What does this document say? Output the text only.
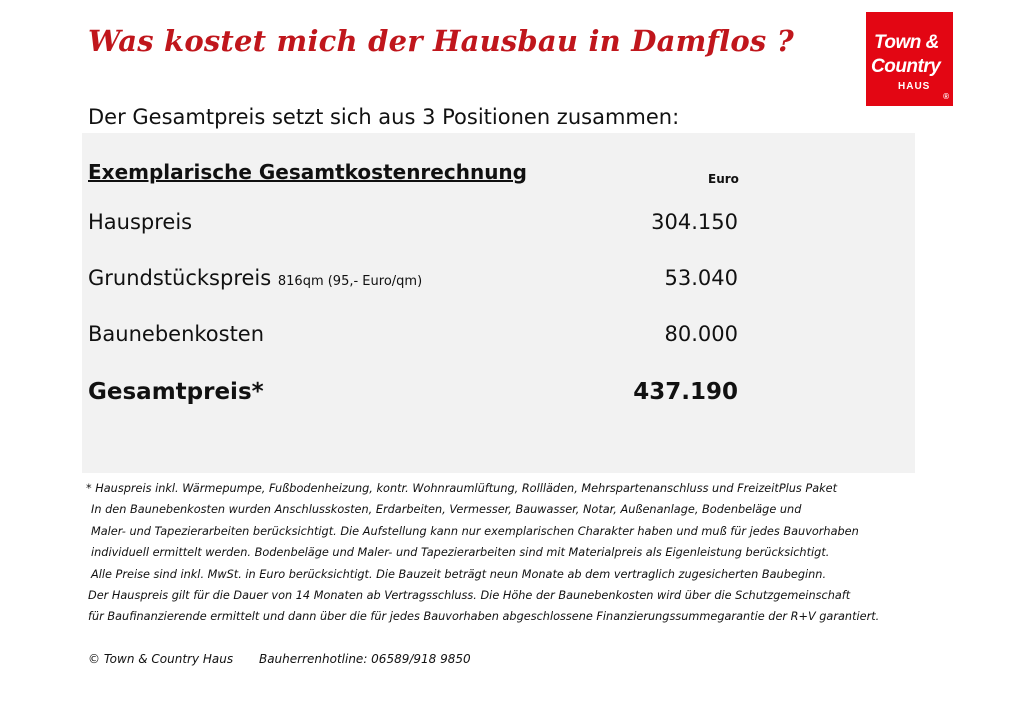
Was kostet mich der Hausbau in Damflos ?	Town &
Country
HAUS
®
Der Gesamtpreis setzt sich aus 3 Positionen zusammen:
Exemplarische Gesamtkostenrechnung	Euro
Hauspreis	304.150
Grundstückspreis 816qm (95,- Euro/qm)	53.040
Baunebenkosten	80.000
Gesamtpreis*	437.190
* Hauspreis inkl. Wärmepumpe, Fußbodenheizung, kontr. Wohnraumlüftung, Rollläden, Mehrspartenanschluss und FreizeitPlus Paket
In den Baunebenkosten wurden Anschlusskosten, Erdarbeiten, Vermesser, Bauwasser, Notar, Außenanlage, Bodenbeläge und
Maler- und Tapezierarbeiten berücksichtigt. Die Aufstellung kann nur exemplarischen Charakter haben und muß für jedes Bauvorhaben
individuell ermittelt werden. Bodenbeläge und Maler- und Tapezierarbeiten sind mit Materialpreis als Eigenleistung berücksichtigt.
Alle Preise sind inkl. MwSt. in Euro berücksichtigt. Die Bauzeit beträgt neun Monate ab dem vertraglich zugesicherten Baubeginn.
Der Hauspreis gilt für die Dauer von 14 Monaten ab Vertragsschluss. Die Höhe der Baunebenkosten wird über die Schutzgemeinschaft
für Baufinanzierende ermittelt und dann über die für jedes Bauvorhaben abgeschlossene Finanzierungssummegarantie der R+V garantiert.
© Town & Country Haus Bauherrenhotline: 06589/918 9850
